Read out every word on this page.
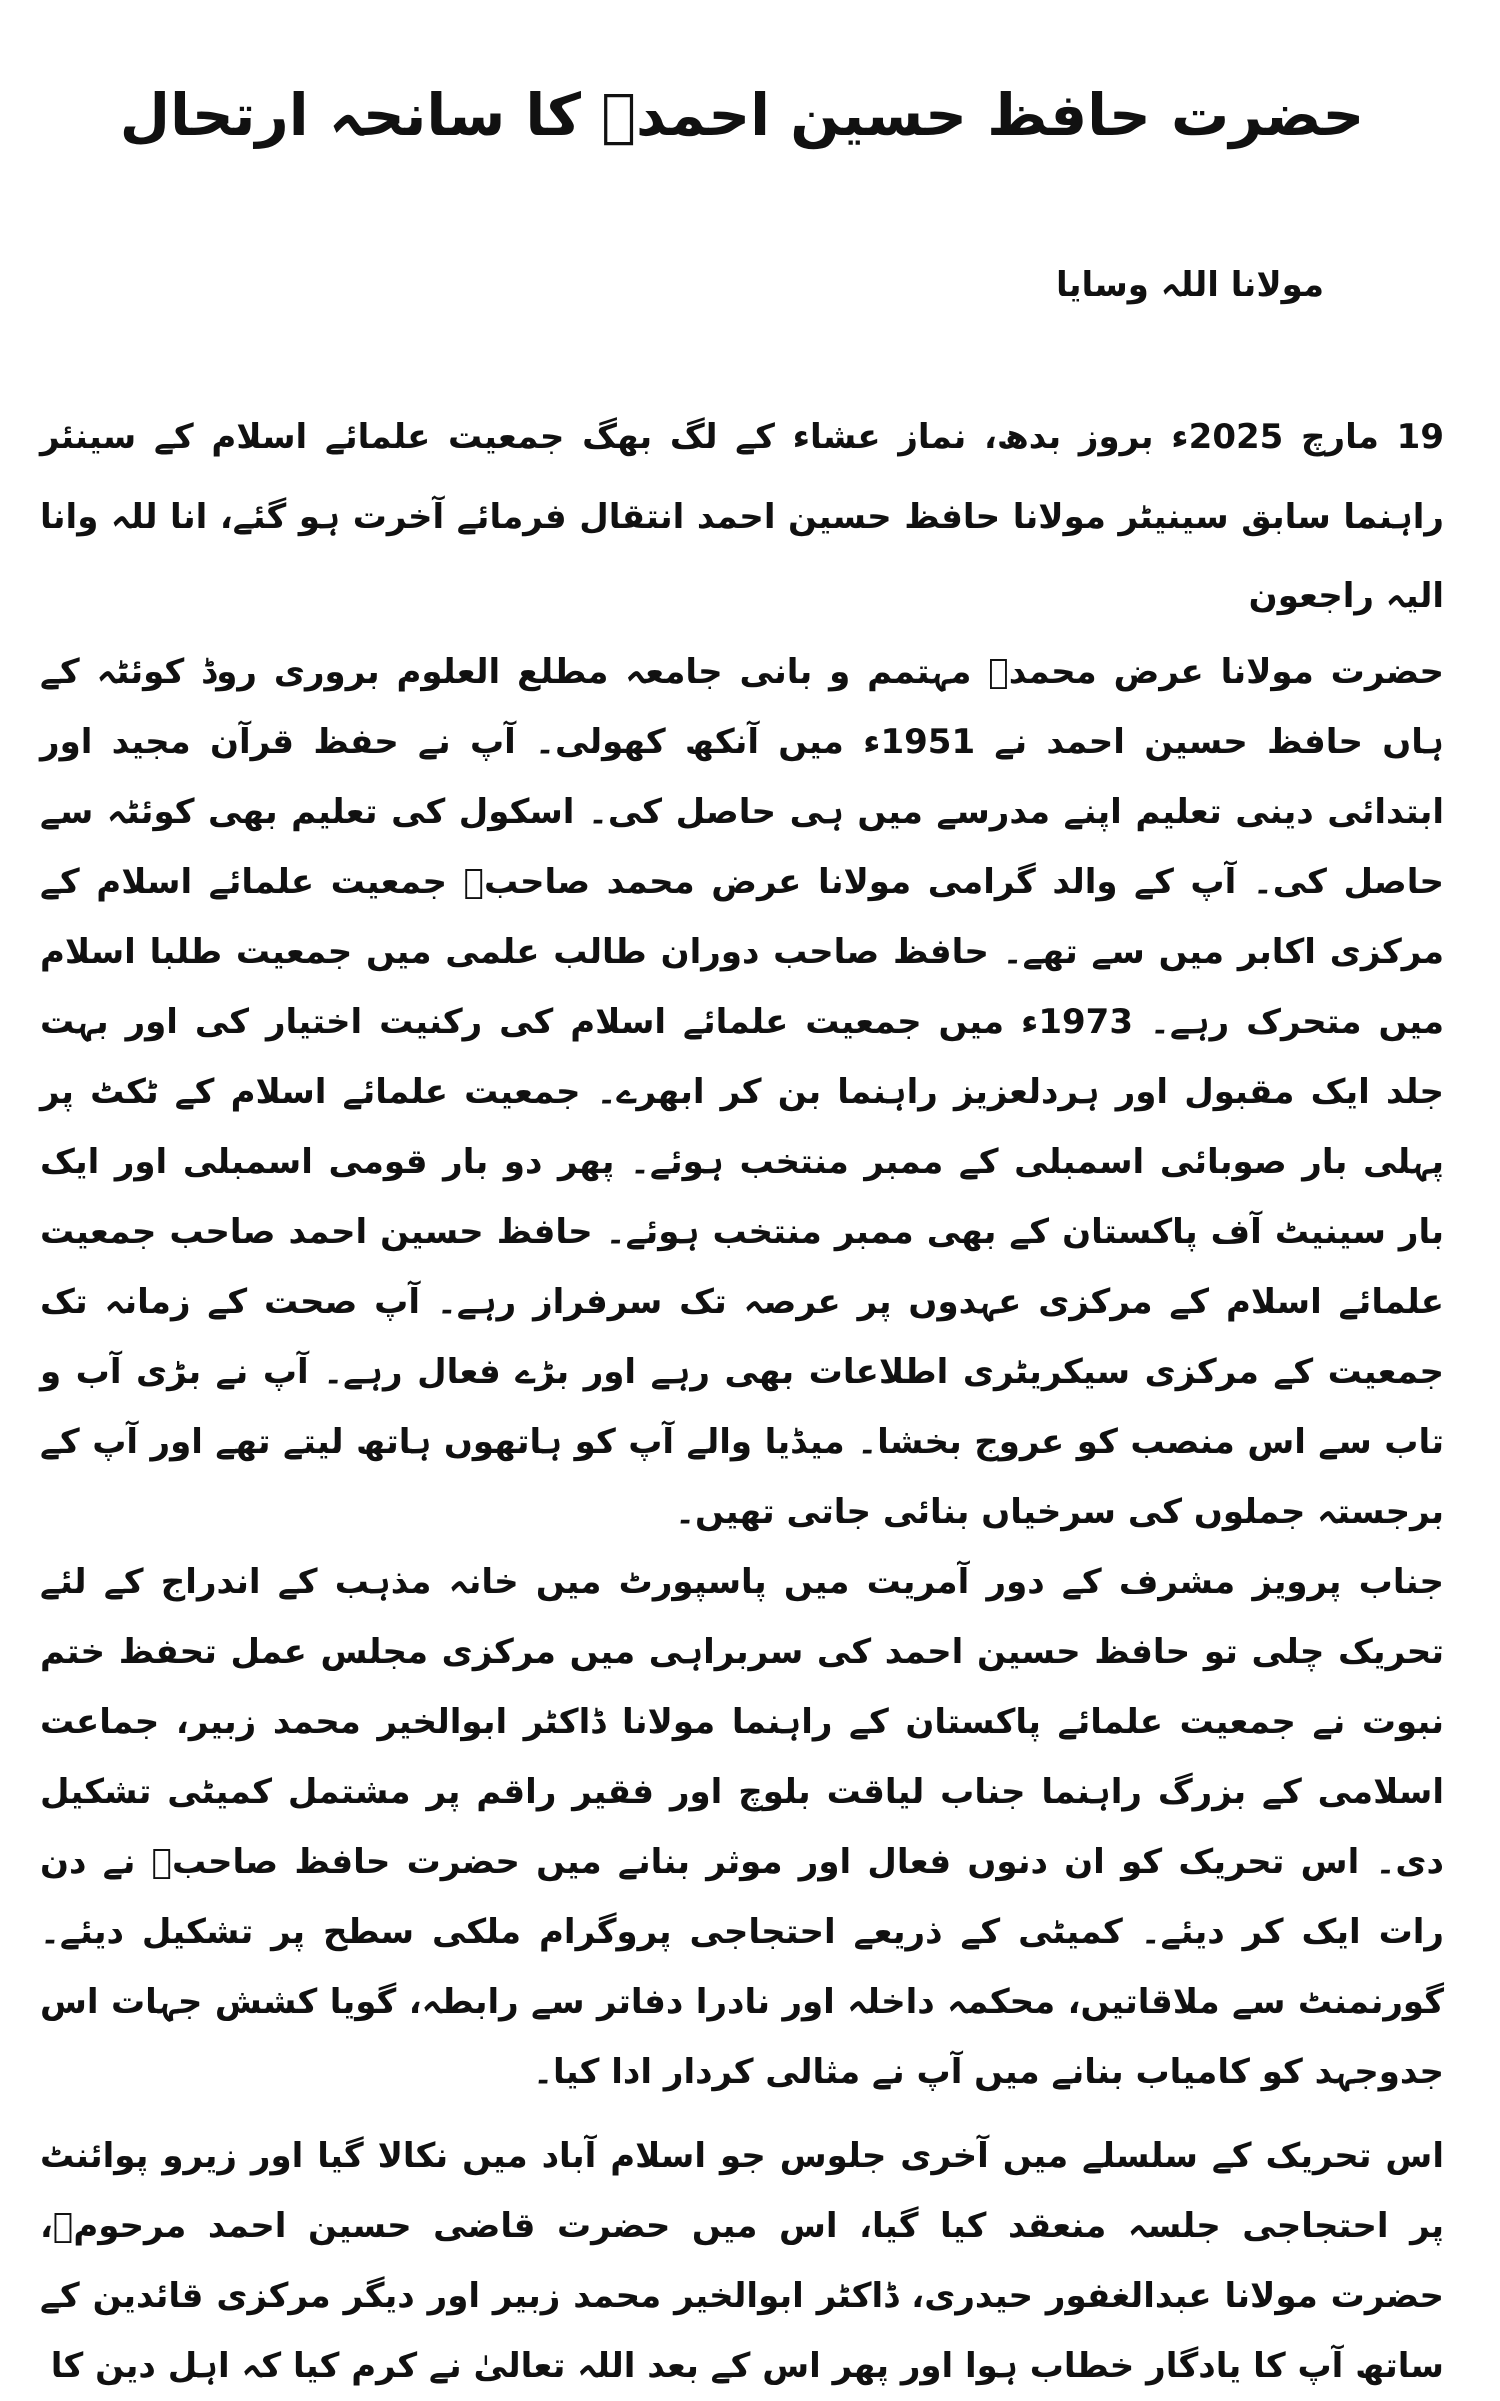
حضرت حافظ حسین احمدؒ کا سانحہ ارتحال

مولانا اللہ وسایا

19 مارچ 2025ء بروز بدھ، نماز عشاء کے لگ بھگ جمعیت علمائے اسلام کے سینئر راہنما سابق سینیٹر مولانا حافظ حسین احمد انتقال فرمائے آخرت ہو گئے، انا للہ وانا الیہ راجعون

حضرت مولانا عرض محمدؒ مہتمم و بانی جامعہ مطلع العلوم بروری روڈ کوئٹہ کے ہاں حافظ حسین احمد نے 1951ء میں آنکھ کھولی۔ آپ نے حفظ قرآن مجید اور ابتدائی دینی تعلیم اپنے مدرسے میں ہی حاصل کی۔ اسکول کی تعلیم بھی کوئٹہ سے حاصل کی۔ آپ کے والد گرامی مولانا عرض محمد صاحبؒ جمعیت علمائے اسلام کے مرکزی اکابر میں سے تھے۔ حافظ صاحب دوران طالب علمی میں جمعیت طلبا اسلام میں متحرک رہے۔ 1973ء میں جمعیت علمائے اسلام کی رکنیت اختیار کی اور بہت جلد ایک مقبول اور ہردلعزیز راہنما بن کر ابھرے۔ جمعیت علمائے اسلام کے ٹکٹ پر پہلی بار صوبائی اسمبلی کے ممبر منتخب ہوئے۔ پھر دو بار قومی اسمبلی اور ایک بار سینیٹ آف پاکستان کے بھی ممبر منتخب ہوئے۔ حافظ حسین احمد صاحب جمعیت علمائے اسلام کے مرکزی عہدوں پر عرصہ تک سرفراز رہے۔ آپ صحت کے زمانہ تک جمعیت کے مرکزی سیکریٹری اطلاعات بھی رہے اور بڑے فعال رہے۔ آپ نے بڑی آب و تاب سے اس منصب کو عروج بخشا۔ میڈیا والے آپ کو ہاتھوں ہاتھ لیتے تھے اور آپ کے برجستہ جملوں کی سرخیاں بنائی جاتی تھیں۔

جناب پرویز مشرف کے دور آمریت میں پاسپورٹ میں خانہ مذہب کے اندراج کے لئے تحریک چلی تو حافظ حسین احمد کی سربراہی میں مرکزی مجلس عمل تحفظ ختم نبوت نے جمعیت علمائے پاکستان کے راہنما مولانا ڈاکٹر ابوالخیر محمد زبیر، جماعت اسلامی کے بزرگ راہنما جناب لیاقت بلوچ اور فقیر راقم پر مشتمل کمیٹی تشکیل دی۔ اس تحریک کو ان دنوں فعال اور موثر بنانے میں حضرت حافظ صاحبؒ نے دن رات ایک کر دیئے۔ کمیٹی کے ذریعے احتجاجی پروگرام ملکی سطح پر تشکیل دیئے۔ گورنمنٹ سے ملاقاتیں، محکمہ داخلہ اور نادرا دفاتر سے رابطہ، گویا کشش جہات اس جدوجہد کو کامیاب بنانے میں آپ نے مثالی کردار ادا کیا۔

اس تحریک کے سلسلے میں آخری جلوس جو اسلام آباد میں نکالا گیا اور زیرو پوائنٹ پر احتجاجی جلسہ منعقد کیا گیا، اس میں حضرت قاضی حسین احمد مرحومؒ، حضرت مولانا عبدالغفور حیدری، ڈاکٹر ابوالخیر محمد زبیر اور دیگر مرکزی قائدین کے ساتھ آپ کا یادگار خطاب ہوا اور پھر اس کے بعد اللہ تعالیٰ نے کرم کیا کہ اہل دین کا
